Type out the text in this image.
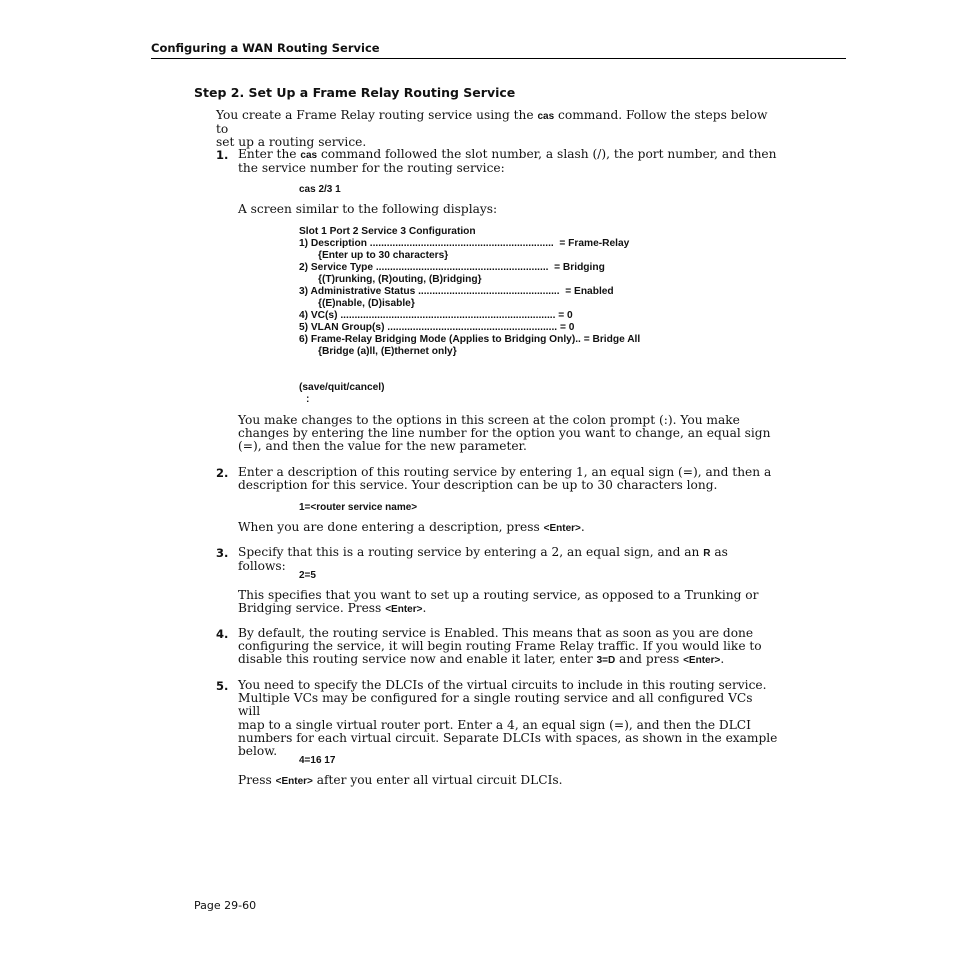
Configuring a WAN Routing Service
Step 2. Set Up a Frame Relay Routing Service
You create a Frame Relay routing service using the cas command. Follow the steps below to
set up a routing service.
1. Enter the cas command followed the slot number, a slash (/), the port number, and then
the service number for the routing service:
cas 2/3 1
A screen similar to the following displays:
Slot 1 Port 2 Service 3 Configuration
1) Description .................................................................  = Frame-Relay
{Enter up to 30 characters}
2) Service Type .............................................................  = Bridging
{(T)runking, (R)outing, (B)ridging}
3) Administrative Status ..................................................  = Enabled
{(E)nable, (D)isable}
4) VC(s) ............................................................................ = 0
5) VLAN Group(s) ............................................................ = 0
6) Frame-Relay Bridging Mode (Applies to Bridging Only).. = Bridge All
{Bridge (a)ll, (E)thernet only}
(save/quit/cancel)
:
You make changes to the options in this screen at the colon prompt (:). You make
changes by entering the line number for the option you want to change, an equal sign
(=), and then the value for the new parameter.
2. Enter a description of this routing service by entering 1, an equal sign (=), and then a
description for this service. Your description can be up to 30 characters long.
1=<router service name>
When you are done entering a description, press <Enter>.
3. Specify that this is a routing service by entering a 2, an equal sign, and an R as follows:
2=5
This specifies that you want to set up a routing service, as opposed to a Trunking or
Bridging service. Press <Enter>.
4. By default, the routing service is Enabled. This means that as soon as you are done
configuring the service, it will begin routing Frame Relay traffic. If you would like to
disable this routing service now and enable it later, enter 3=D and press <Enter>.
5. You need to specify the DLCIs of the virtual circuits to include in this routing service.
Multiple VCs may be configured for a single routing service and all configured VCs will
map to a single virtual router port. Enter a 4, an equal sign (=), and then the DLCI
numbers for each virtual circuit. Separate DLCIs with spaces, as shown in the example
below.
4=16 17
Press <Enter> after you enter all virtual circuit DLCIs.
Page 29-60
